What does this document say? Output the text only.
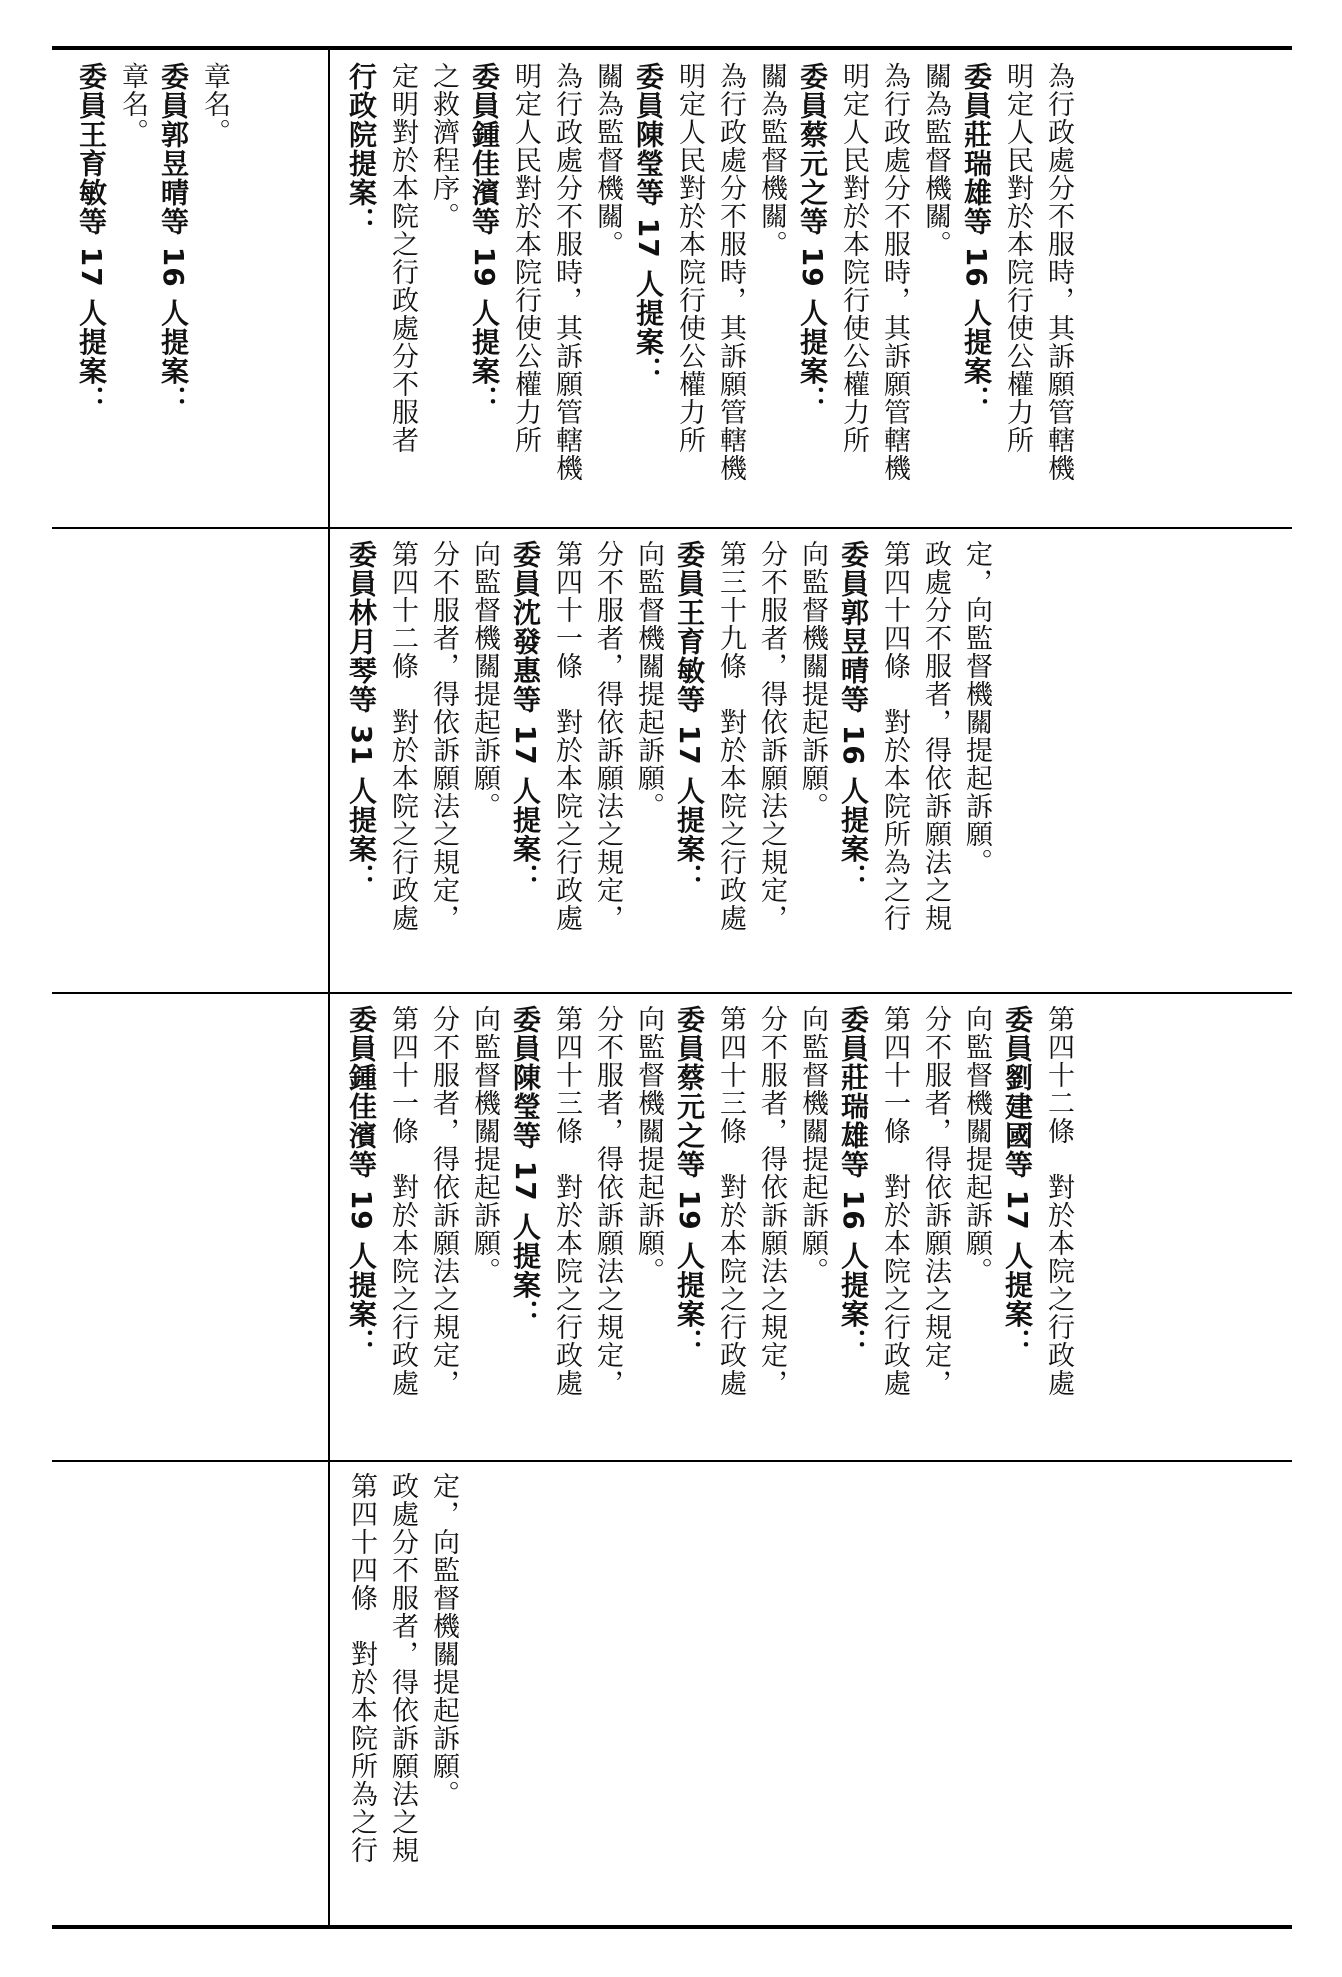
委員王育敏等 17 人提案： 章名。 委員郭昱晴等 16 人提案： 章名。	行政院提案： 定明對於本院之行政處分不服者 之救濟程序。 委員鍾佳濱等 19 人提案： 明定人民對於本院行使公權力所 為行政處分不服時，其訴願管轄機 關為監督機關。 委員陳瑩等 17 人提案： 明定人民對於本院行使公權力所 為行政處分不服時，其訴願管轄機 關為監督機關。 委員蔡元之等 19 人提案： 明定人民對於本院行使公權力所 為行政處分不服時，其訴願管轄機 關為監督機關。 委員莊瑞雄等 16 人提案： 明定人民對於本院行使公權力所 為行政處分不服時，其訴願管轄機

委員林月琴等 31 人提案： 第四十二條　對於本院之行政處 分不服者，得依訴願法之規定， 向監督機關提起訴願。 委員沈發惠等 17 人提案： 第四十一條　對於本院之行政處 分不服者，得依訴願法之規定， 向監督機關提起訴願。 委員王育敏等 17 人提案： 第三十九條　對於本院之行政處 分不服者，得依訴願法之規定， 向監督機關提起訴願。 委員郭昱晴等 16 人提案： 第四十四條　對於本院所為之行 政處分不服者，得依訴願法之規 定，向監督機關提起訴願。

委員鍾佳濱等 19 人提案： 第四十一條　對於本院之行政處 分不服者，得依訴願法之規定， 向監督機關提起訴願。 委員陳瑩等 17 人提案： 第四十三條　對於本院之行政處 分不服者，得依訴願法之規定， 向監督機關提起訴願。 委員蔡元之等 19 人提案： 第四十三條　對於本院之行政處 分不服者，得依訴願法之規定， 向監督機關提起訴願。 委員莊瑞雄等 16 人提案： 第四十一條　對於本院之行政處 分不服者，得依訴願法之規定， 向監督機關提起訴願。 委員劉建國等 17 人提案： 第四十二條　對於本院之行政處

第四十四條　對於本院所為之行 政處分不服者，得依訴願法之規 定，向監督機關提起訴願。
